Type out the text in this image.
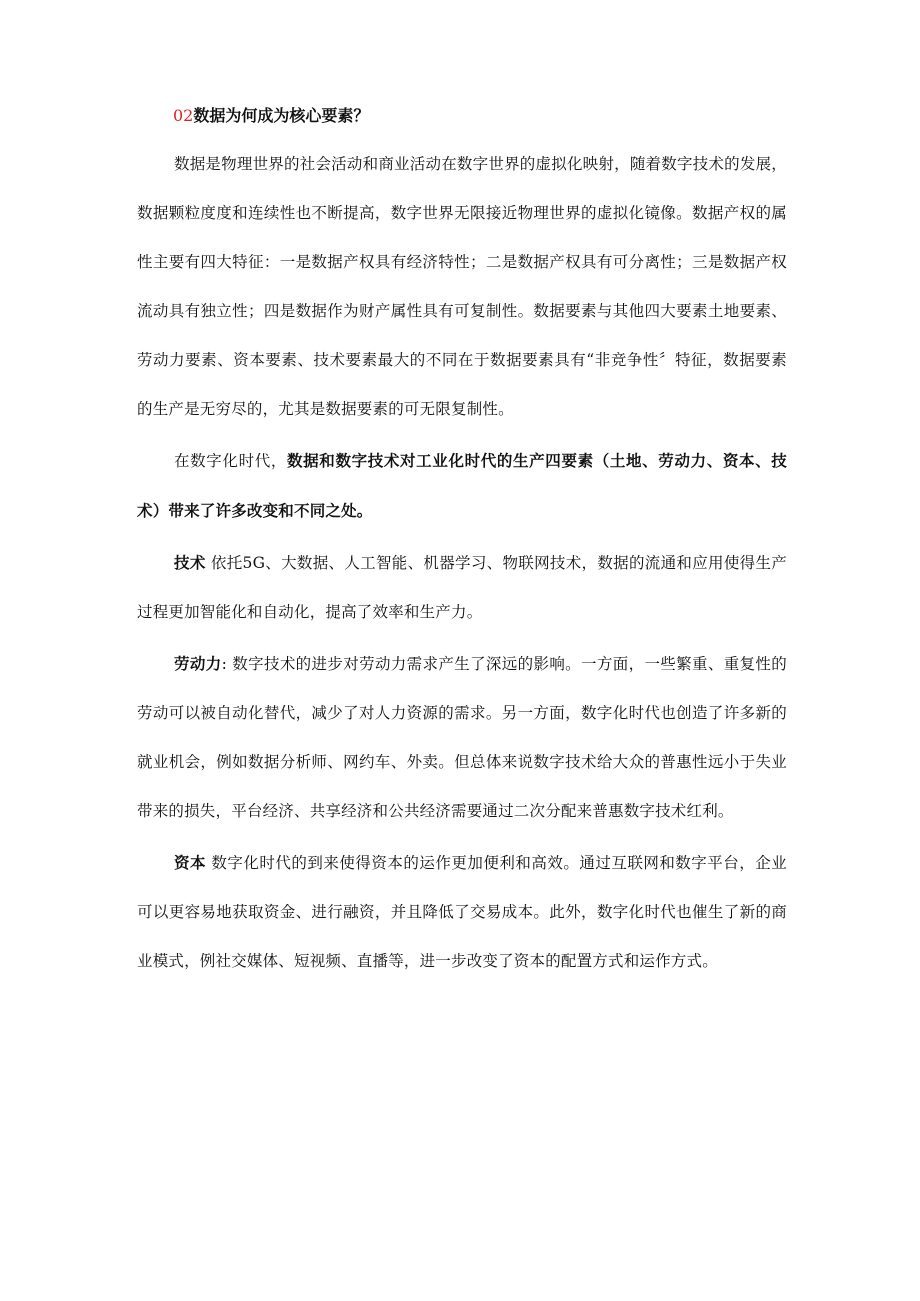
02数据为何成为核心要素？

数据是物理世界的社会活动和商业活动在数字世界的虚拟化映射，随着数字技术的发展，数据颗粒度度和连续性也不断提高，数字世界无限接近物理世界的虚拟化镜像。数据产权的属性主要有四大特征：一是数据产权具有经济特性；二是数据产权具有可分离性；三是数据产权流动具有独立性；四是数据作为财产属性具有可复制性。数据要素与其他四大要素土地要素、劳动力要素、资本要素、技术要素最大的不同在于数据要素具有“非竞争性〞特征，数据要素的生产是无穷尽的，尤其是数据要素的可无限复制性。

在数字化时代，数据和数字技术对工业化时代的生产四要素（土地、劳动力、资本、技术）带来了许多改变和不同之处。

技术 依托5G、大数据、人工智能、机器学习、物联网技术，数据的流通和应用使得生产过程更加智能化和自动化，提高了效率和生产力。

劳动力: 数字技术的进步对劳动力需求产生了深远的影响。一方面，一些繁重、重复性的劳动可以被自动化替代，减少了对人力资源的需求。另一方面，数字化时代也创造了许多新的就业机会，例如数据分析师、网约车、外卖。但总体来说数字技术给大众的普惠性远小于失业带来的损失，平台经济、共享经济和公共经济需要通过二次分配来普惠数字技术红利。

资本 数字化时代的到来使得资本的运作更加便利和高效。通过互联网和数字平台，企业可以更容易地获取资金、进行融资，并且降低了交易成本。此外，数字化时代也催生了新的商业模式，例社交媒体、短视频、直播等，进一步改变了资本的配置方式和运作方式。
